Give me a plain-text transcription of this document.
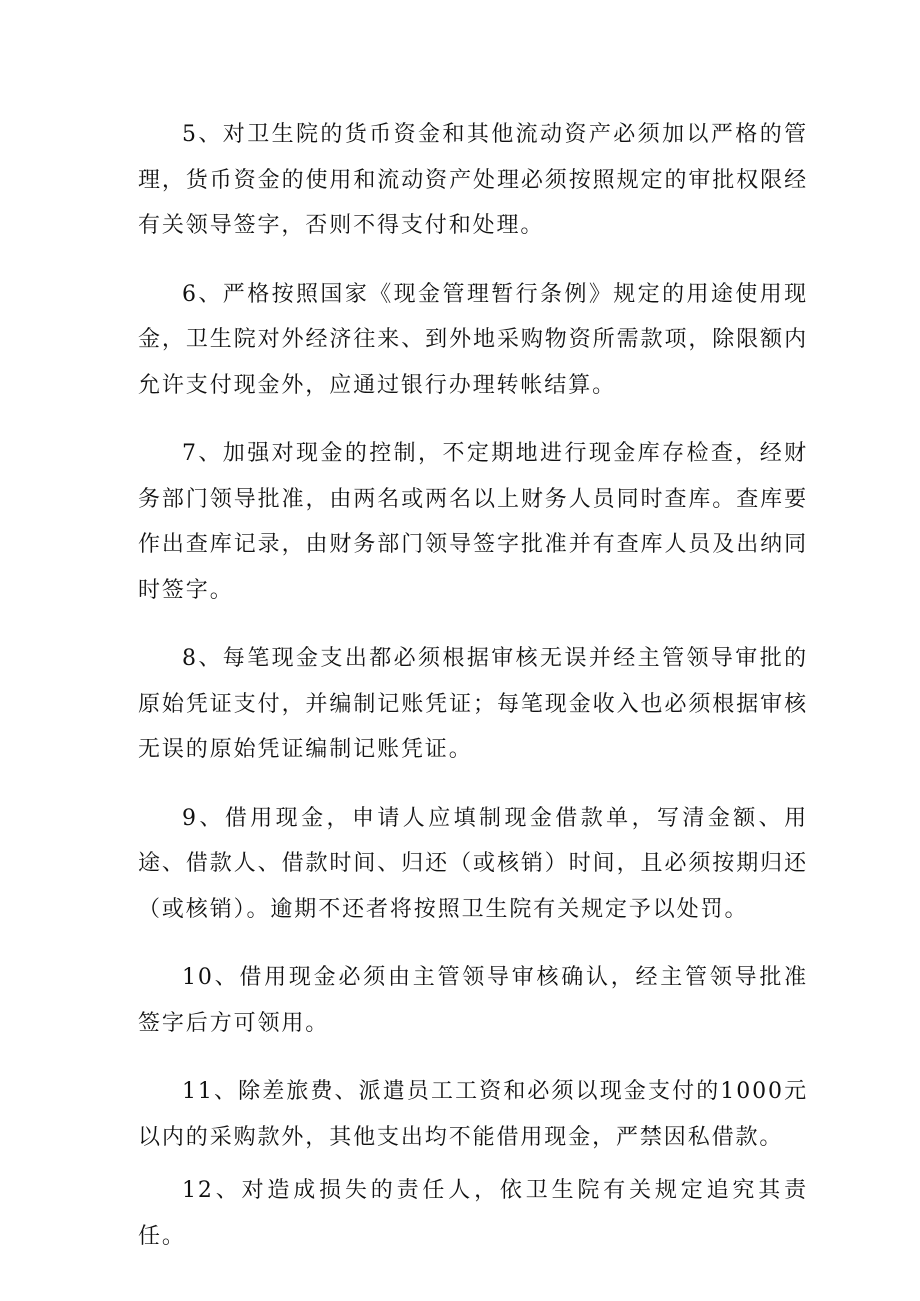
5、对卫生院的货币资金和其他流动资产必须加以严格的管理，货币资金的使用和流动资产处理必须按照规定的审批权限经有关领导签字，否则不得支付和处理。

6、严格按照国家《现金管理暂行条例》规定的用途使用现金，卫生院对外经济往来、到外地采购物资所需款项，除限额内允许支付现金外，应通过银行办理转帐结算。

7、加强对现金的控制，不定期地进行现金库存检查，经财务部门领导批准，由两名或两名以上财务人员同时查库。查库要作出查库记录，由财务部门领导签字批准并有查库人员及出纳同时签字。

8、每笔现金支出都必须根据审核无误并经主管领导审批的原始凭证支付，并编制记账凭证；每笔现金收入也必须根据审核无误的原始凭证编制记账凭证。

9、借用现金，申请人应填制现金借款单，写清金额、用途、借款人、借款时间、归还（或核销）时间，且必须按期归还（或核销）。逾期不还者将按照卫生院有关规定予以处罚。

10、借用现金必须由主管领导审核确认，经主管领导批准签字后方可领用。

11、除差旅费、派遣员工工资和必须以现金支付的1000元以内的采购款外，其他支出均不能借用现金，严禁因私借款。

12、对造成损失的责任人，依卫生院有关规定追究其责任。
